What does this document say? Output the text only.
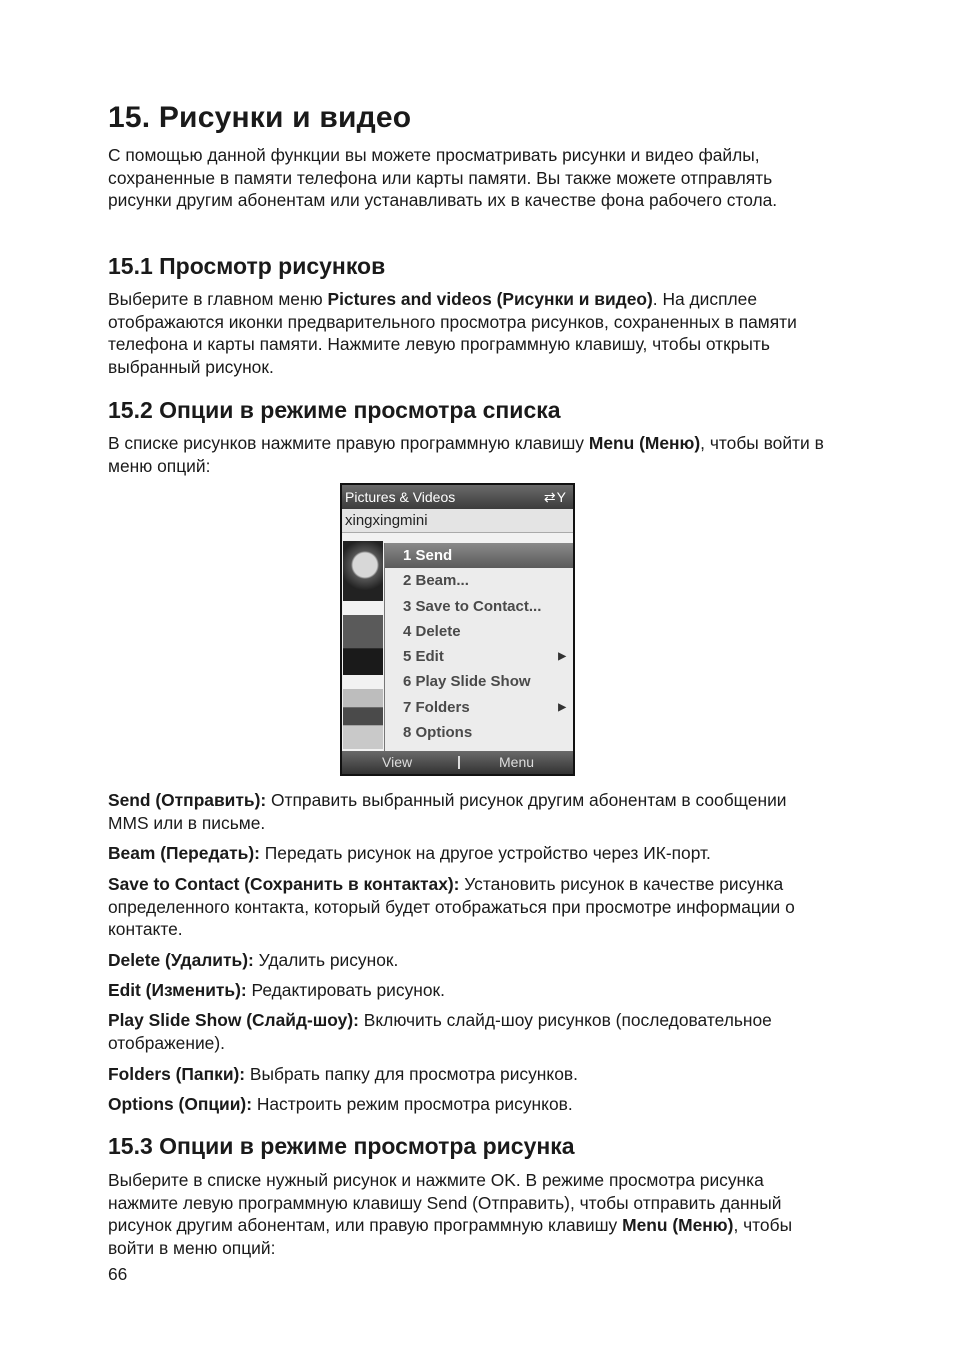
15. Рисунки и видео
С помощью данной функции вы можете просматривать рисунки и видео файлы, сохраненные в памяти телефона или карты памяти. Вы также можете отправлять рисунки другим абонентам или устанавливать их в качестве фона рабочего стола.
15.1 Просмотр рисунков
Выберите в главном меню Pictures and videos (Рисунки и видео). На дисплее отображаются иконки предварительного просмотра рисунков, сохраненных в памяти телефона и карты памяти. Нажмите левую программную клавишу, чтобы открыть выбранный рисунок.
15.2 Опции в режиме просмотра списка
В списке рисунков нажмите правую программную клавишу Menu (Меню), чтобы войти в меню опций:
Pictures & Videos	⇄Y
xingxingmini
1 Send
2 Beam...
3 Save to Contact...
4 Delete
5 Edit	▶
6 Play Slide Show
7 Folders	▶
8 Options
View	Menu
Send (Отправить): Отправить выбранный рисунок другим абонентам в сообщении MMS или в письме.
Beam (Передать): Передать рисунок на другое устройство через ИК-порт.
Save to Contact (Сохранить в контактах): Установить рисунок в качестве рисунка определенного контакта, который будет отображаться при просмотре информации о контакте.
Delete (Удалить): Удалить рисунок.
Edit (Изменить): Редактировать рисунок.
Play Slide Show (Слайд-шоу): Включить слайд-шоу рисунков (последовательное отображение).
Folders (Папки): Выбрать папку для просмотра рисунков.
Options (Опции): Настроить режим просмотра рисунков.
15.3 Опции в режиме просмотра рисунка
Выберите в списке нужный рисунок и нажмите OK. В режиме просмотра рисунка нажмите левую программную клавишу Send (Отправить), чтобы отправить данный рисунок другим абонентам, или правую программную клавишу Menu (Меню), чтобы войти в меню опций:
66
